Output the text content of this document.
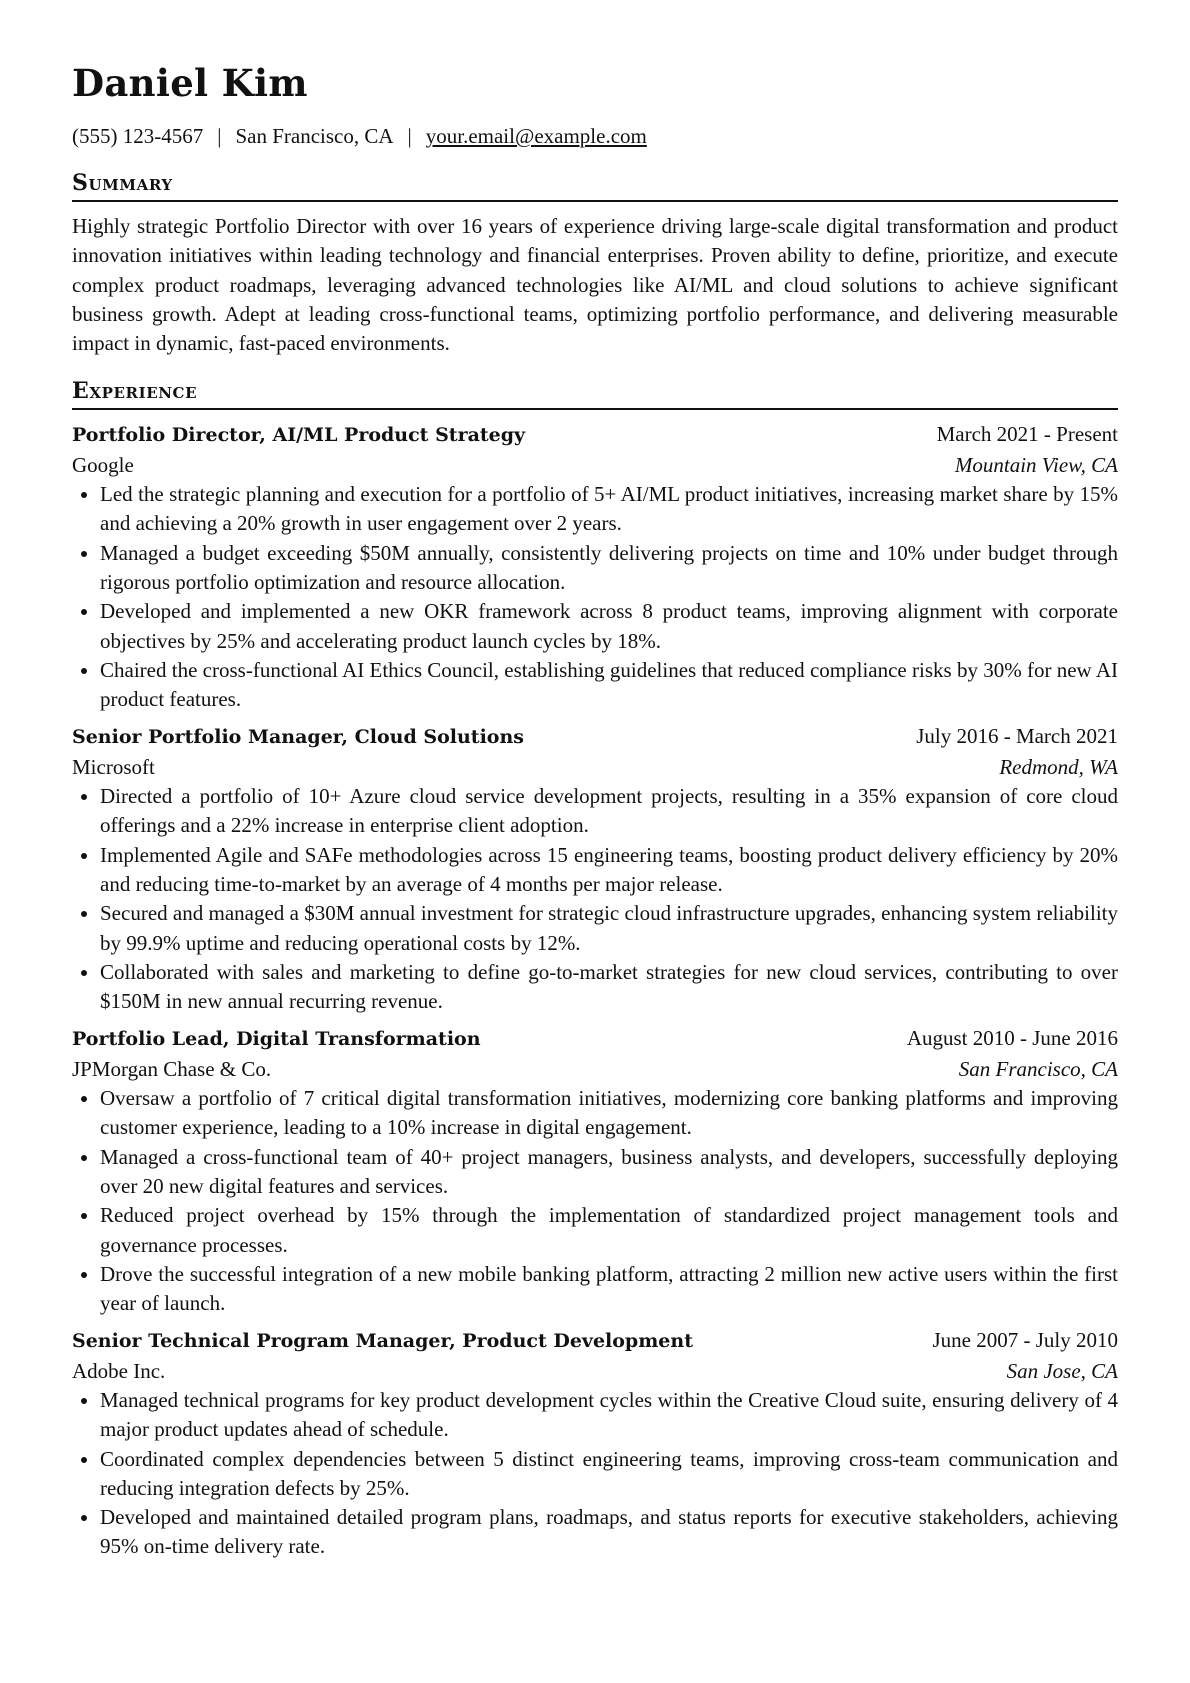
Daniel Kim
(555) 123-4567 | San Francisco, CA | your.email@example.com
Summary

Highly strategic Portfolio Director with over 16 years of experience driving large-scale digital transformation and product innovation initiatives within leading technology and financial enterprises. Proven ability to define, prioritize, and execute complex product roadmaps, leveraging advanced technologies like AI/ML and cloud solutions to achieve significant business growth. Adept at leading cross-functional teams, optimizing portfolio performance, and delivering measurable impact in dynamic, fast-paced environments.

Experience
Portfolio Director, AI/ML Product Strategy	March 2021 - Present
Google	Mountain View, CA
Led the strategic planning and execution for a portfolio of 5+ AI/ML product initiatives, increasing market share by 15% and achieving a 20% growth in user engagement over 2 years.
Managed a budget exceeding $50M annually, consistently delivering projects on time and 10% under budget through rigorous portfolio optimization and resource allocation.
Developed and implemented a new OKR framework across 8 product teams, improving alignment with corporate objectives by 25% and accelerating product launch cycles by 18%.
Chaired the cross-functional AI Ethics Council, establishing guidelines that reduced compliance risks by 30% for new AI product features.
Senior Portfolio Manager, Cloud Solutions	July 2016 - March 2021
Microsoft	Redmond, WA
Directed a portfolio of 10+ Azure cloud service development projects, resulting in a 35% expansion of core cloud offerings and a 22% increase in enterprise client adoption.
Implemented Agile and SAFe methodologies across 15 engineering teams, boosting product delivery efficiency by 20% and reducing time-to-market by an average of 4 months per major release.
Secured and managed a $30M annual investment for strategic cloud infrastructure upgrades, enhancing system reliability by 99.9% uptime and reducing operational costs by 12%.
Collaborated with sales and marketing to define go-to-market strategies for new cloud services, contributing to over $150M in new annual recurring revenue.
Portfolio Lead, Digital Transformation	August 2010 - June 2016
JPMorgan Chase & Co.	San Francisco, CA
Oversaw a portfolio of 7 critical digital transformation initiatives, modernizing core banking platforms and improving customer experience, leading to a 10% increase in digital engagement.
Managed a cross-functional team of 40+ project managers, business analysts, and developers, successfully deploying over 20 new digital features and services.
Reduced project overhead by 15% through the implementation of standardized project management tools and governance processes.
Drove the successful integration of a new mobile banking platform, attracting 2 million new active users within the first year of launch.
Senior Technical Program Manager, Product Development	June 2007 - July 2010
Adobe Inc.	San Jose, CA
Managed technical programs for key product development cycles within the Creative Cloud suite, ensuring delivery of 4 major product updates ahead of schedule.
Coordinated complex dependencies between 5 distinct engineering teams, improving cross-team communication and reducing integration defects by 25%.
Developed and maintained detailed program plans, roadmaps, and status reports for executive stakeholders, achieving 95% on-time delivery rate.
